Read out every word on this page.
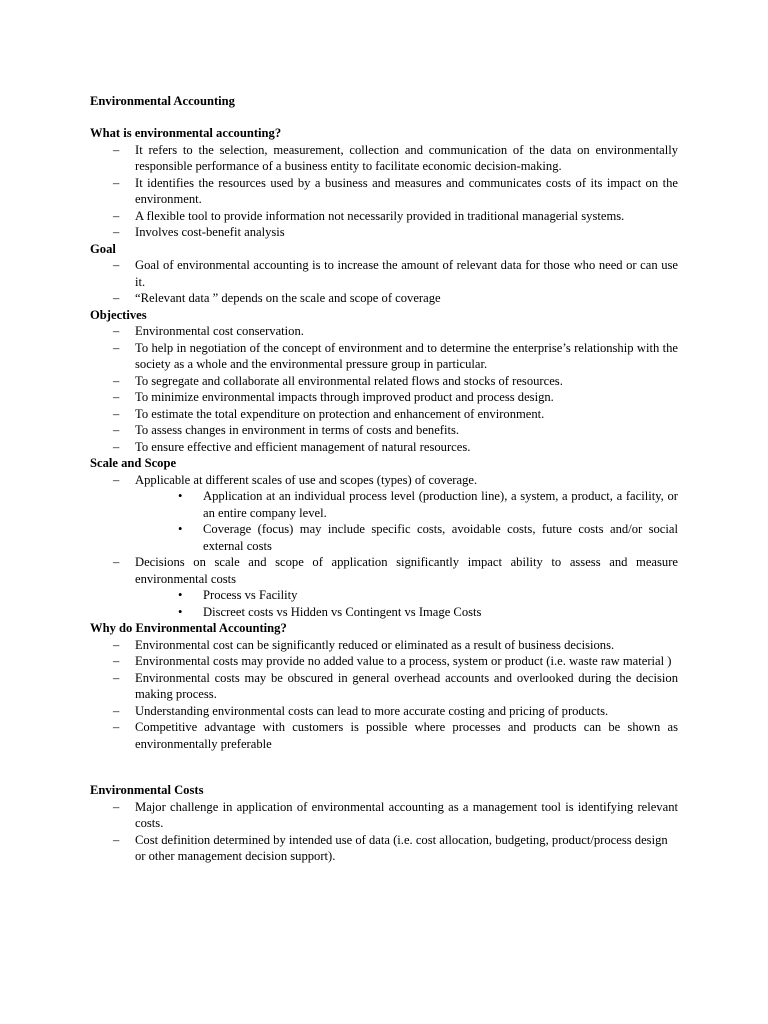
Environmental Accounting

What is environmental accounting?

– It refers to the selection, measurement, collection and communication of the data on environmentally responsible performance of a business entity to facilitate economic decision-making.
– It identifies the resources used by a business and measures and communicates costs of its impact on the environment.
– A flexible tool to provide information not necessarily provided in traditional managerial systems.
– Involves cost-benefit analysis

Goal

– Goal of environmental accounting is to increase the amount of relevant data for those who need or can use it.
– “Relevant data ” depends on the scale and scope of coverage

Objectives

– Environmental cost conservation.
– To help in negotiation of the concept of environment and to determine the enterprise’s relationship with the society as a whole and the environmental pressure group in particular.
– To segregate and collaborate all environmental related flows and stocks of resources.
– To minimize environmental impacts through improved product and process design.
– To estimate the total expenditure on protection and enhancement of environment.
– To assess changes in environment in terms of costs and benefits.
– To ensure effective and efficient management of natural resources.

Scale and Scope

– Applicable at different scales of use and scopes (types) of coverage.
• Application at an individual process level (production line), a system, a product, a facility, or an entire company level.
• Coverage (focus) may include specific costs, avoidable costs, future costs and/or social external costs
– Decisions on scale and scope of application significantly impact ability to assess and measure environmental costs
• Process vs Facility
• Discreet costs vs Hidden vs Contingent vs Image Costs

Why do Environmental Accounting?

– Environmental cost can be significantly reduced or eliminated as a result of business decisions.
– Environmental costs may provide no added value to a process, system or product (i.e. waste raw material )
– Environmental costs may be obscured in general overhead accounts and overlooked during the decision making process.
– Understanding environmental costs can lead to more accurate costing and pricing of products.
– Competitive advantage with customers is possible where processes and products can be shown as environmentally preferable

Environmental Costs

– Major challenge in application of environmental accounting as a management tool is identifying relevant costs.
– Cost definition determined by intended use of data (i.e. cost allocation, budgeting, product/process design or other management decision support).
